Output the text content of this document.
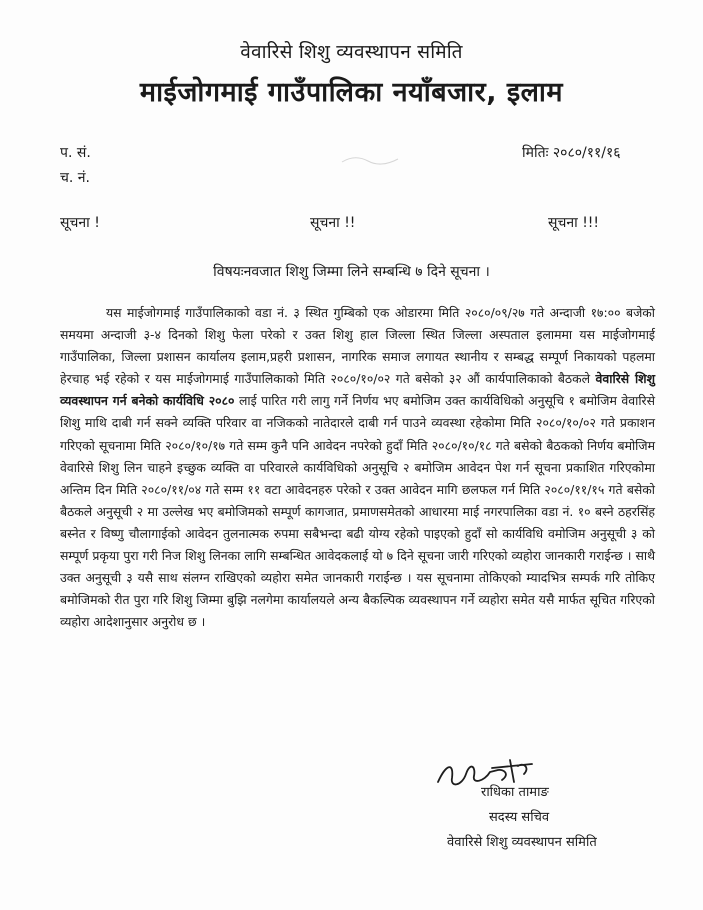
वेवारिसे शिशु व्यवस्थापन समिति
माईजोगमाई गाउँपालिका नयाँबजार, इलाम
प. सं.
च. नं.
मितिः २०८०/११/१६
सूचना !	सूचना !!	सूचना !!!
विषयःनवजात शिशु जिम्मा लिने सम्बन्धि ७ दिने सूचना ।

यस माईजोगमाई गाउँपालिकाको वडा नं. ३ स्थित गुम्बिको एक ओडारमा मिति २०८०/०९/२७ गते अन्दाजी १७:०० बजेको समयमा अन्दाजी ३-४ दिनको शिशु फेला परेको र उक्त शिशु हाल जिल्ला स्थित जिल्ला अस्पताल इलाममा यस माईजोगमाई गाउँपालिका, जिल्ला प्रशासन कार्यालय इलाम,प्रहरी प्रशासन, नागरिक समाज लगायत स्थानीय र सम्बद्ध सम्पूर्ण निकायको पहलमा हेरचाह भई रहेको र यस माईजोगमाई गाउँपालिकाको मिति २०८०/१०/०२ गते बसेको ३२ औं कार्यपालिकाको बैठकले वेवारिसे शिशु व्यवस्थापन गर्न बनेको कार्यविधि २०८० लाई पारित गरी लागु गर्ने निर्णय भए बमोजिम उक्त कार्यविधिको अनुसूचि १ बमोजिम वेवारिसे शिशु माथि दाबी गर्न सक्ने व्यक्ति परिवार वा नजिकको नातेदारले दाबी गर्न पाउने व्यवस्था रहेकोमा मिति २०८०/१०/०२ गते प्रकाशन गरिएको सूचनामा मिति २०८०/१०/१७ गते सम्म कुनै पनि आवेदन नपरेको हुदाँ मिति २०८०/१०/१८ गते बसेको बैठकको निर्णय बमोजिम वेवारिसे शिशु लिन चाहने इच्छुक व्यक्ति वा परिवारले कार्यविधिको अनुसूचि २ बमोजिम आवेदन पेश गर्न सूचना प्रकाशित गरिएकोमा अन्तिम दिन मिति २०८०/११/०४ गते सम्म ११ वटा आवेदनहरु परेको र उक्त आवेदन मागि छलफल गर्न मिति २०८०/११/१५ गते बसेको बैठकले अनुसूची २ मा उल्लेख भए बमोजिमको सम्पूर्ण कागजात, प्रमाणसमेतको आधारमा माई नगरपालिका वडा नं. १० बस्ने ठहरसिंह बस्नेत र विष्णु चौलागाईको आवेदन तुलनात्मक रुपमा सबैभन्दा बढी योग्य रहेको पाइएको हुदाँ सो कार्यविधि वमोजिम अनुसूची ३ को सम्पूर्ण प्रकृया पुरा गरी निज शिशु लिनका लागि सम्बन्धित आवेदकलाई यो ७ दिने सूचना जारी गरिएको व्यहोरा जानकारी गराईन्छ । साथै उक्त अनुसूची ३ यसै साथ संलग्न राखिएको व्यहोरा समेत जानकारी गराईन्छ । यस सूचनामा तोकिएको म्यादभित्र सम्पर्क गरि तोकिए बमोजिमको रीत पुरा गरि शिशु जिम्मा बुझि नलगेमा कार्यालयले अन्य बैकल्पिक व्यवस्थापन गर्ने व्यहोरा समेत यसै मार्फत सूचित गरिएको व्यहोरा आदेशानुसार अनुरोध छ ।

राधिका तामाङ
सदस्य सचिव
वेवारिसे शिशु व्यवस्थापन समिति
